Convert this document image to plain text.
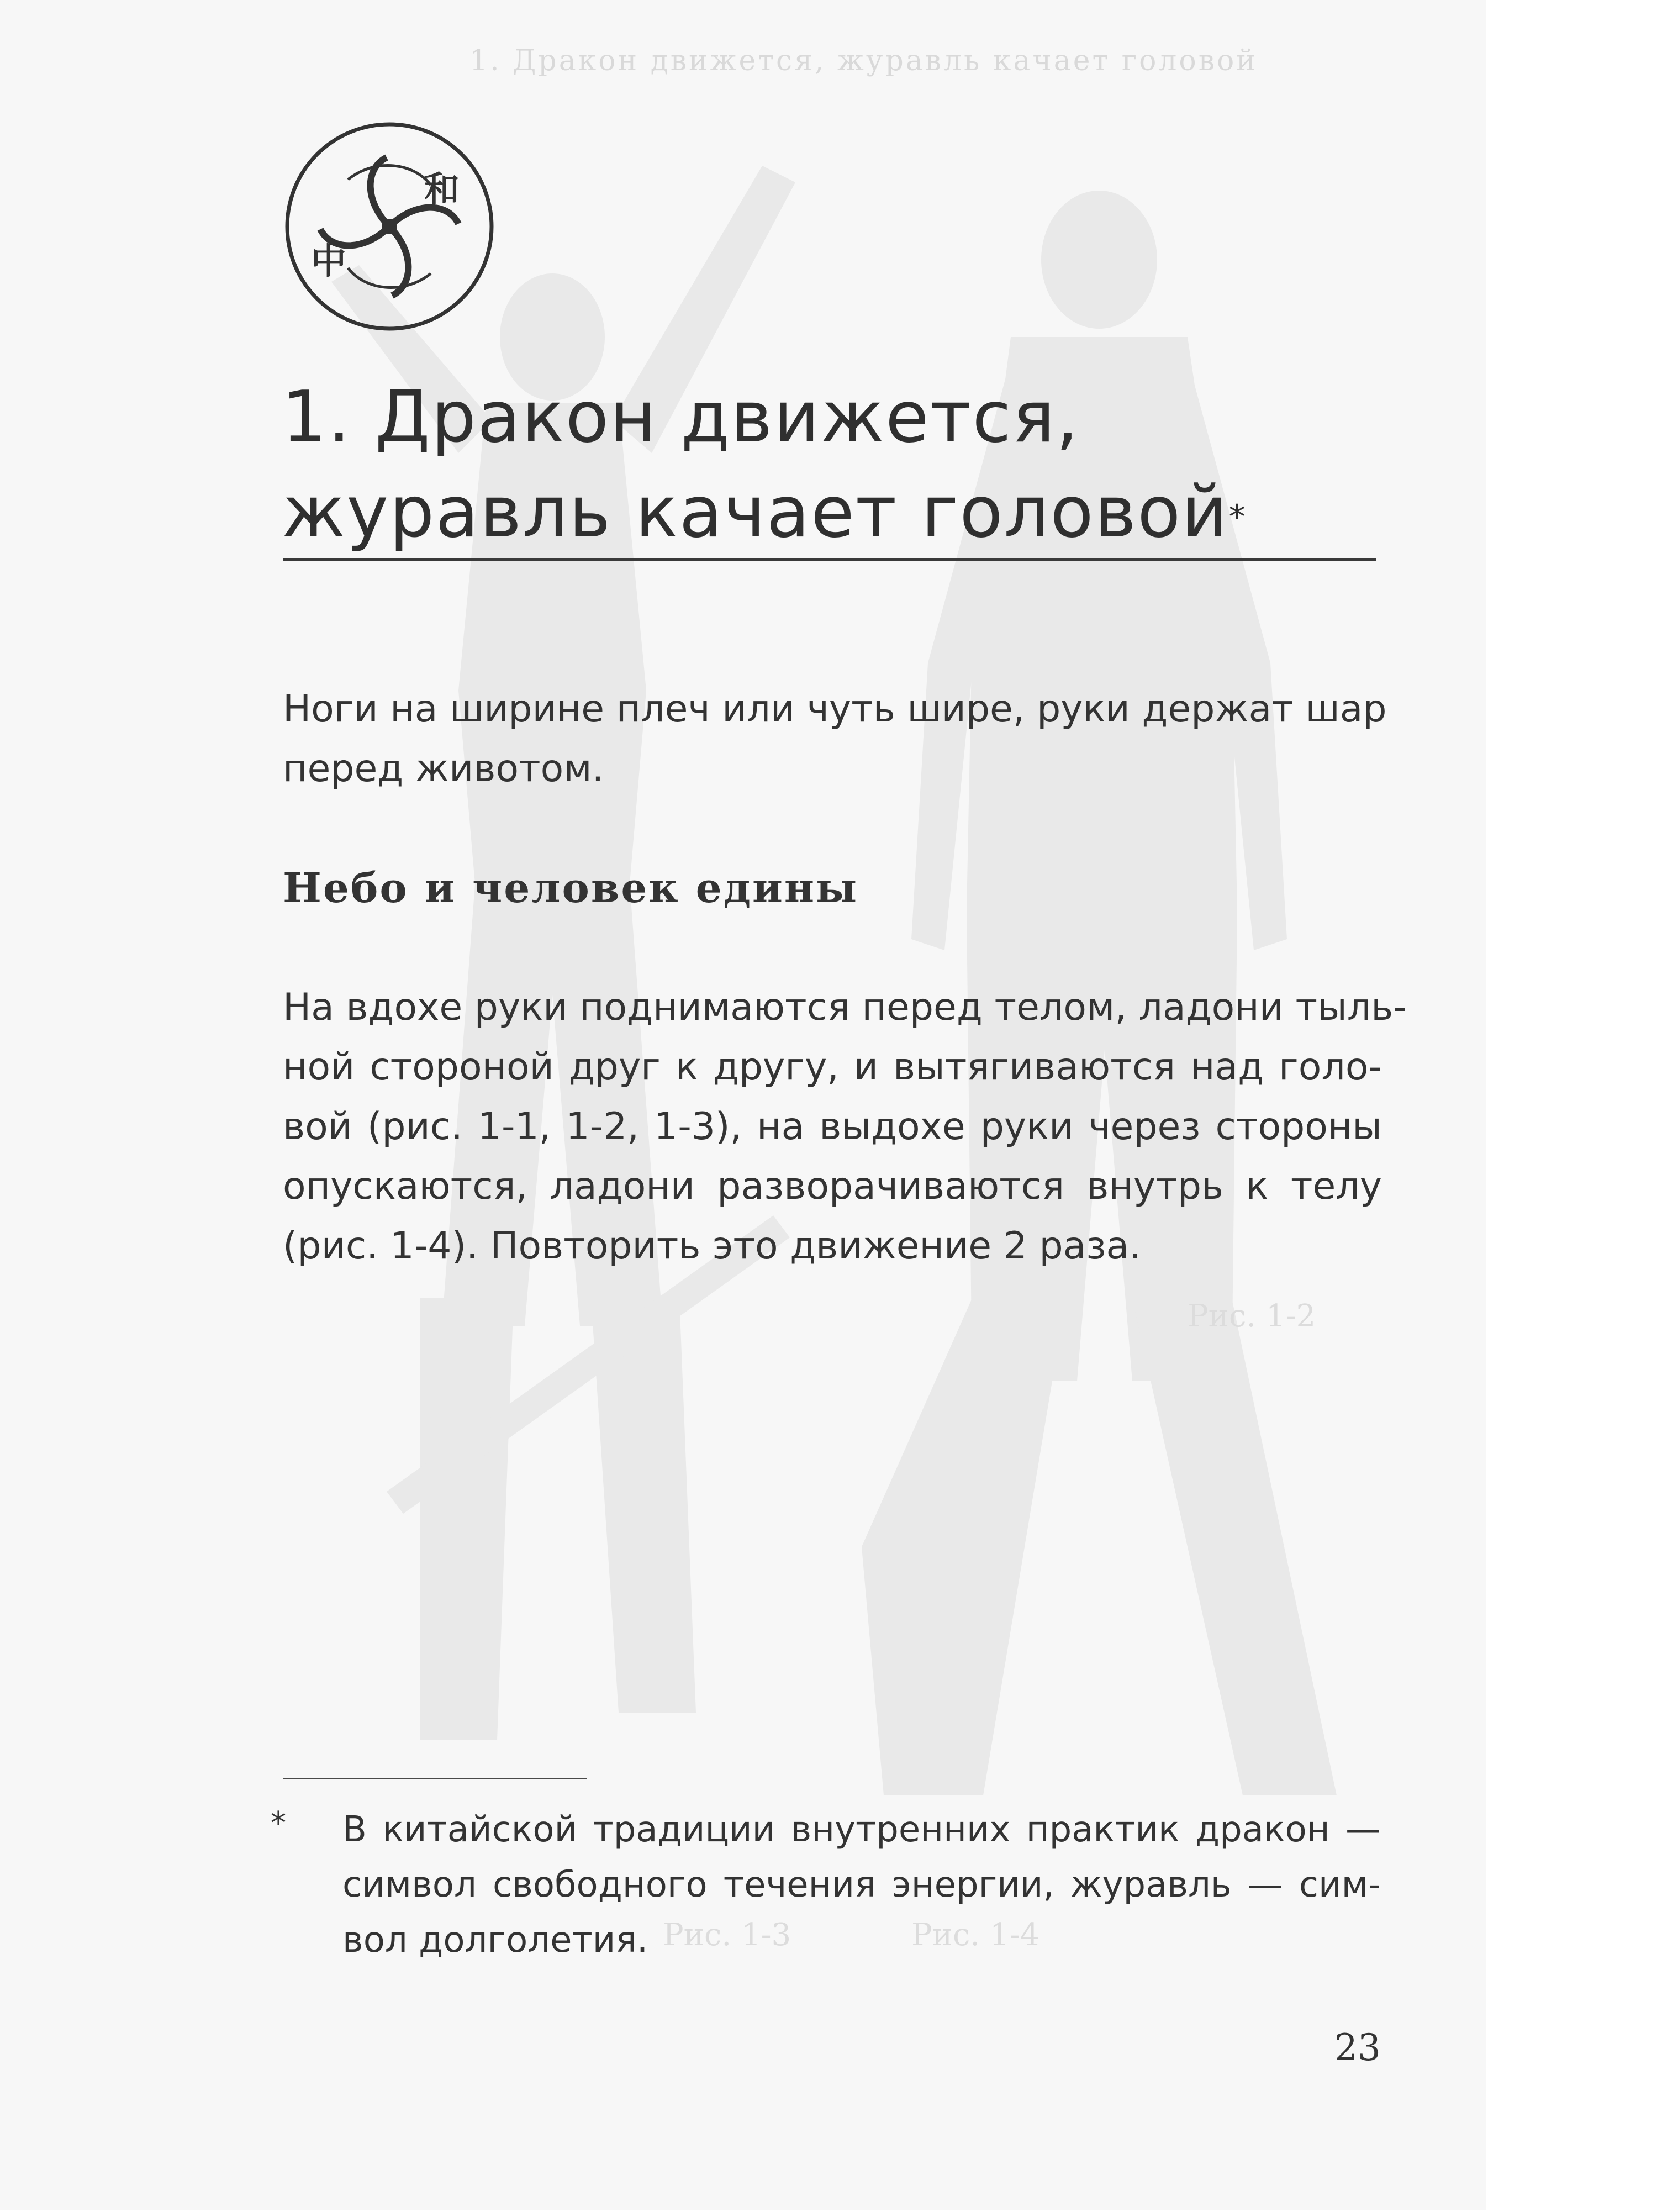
1. Дракон движется, журавль качает головой
Рис. 1-2
Рис. 1-3	Рис. 1-4
和
中
1. Дракон движется,
журавль качает головой*

Ноги на ширине плеч или чуть шире, руки держат шар
перед животом.

Небо и человек едины

На вдохе руки поднимаются перед телом, ладони тыль-
ной стороной друг к другу, и вытягиваются над голо-
вой (рис. 1-1, 1-2, 1-3), на выдохе руки через стороны
опускаются, ладони разворачиваются внутрь к телу
(рис. 1-4). Повторить это движение 2 раза.

* В китайской традиции внутренних практик дракон —
символ свободного течения энергии, журавль — сим-
вол долголетия.

23
